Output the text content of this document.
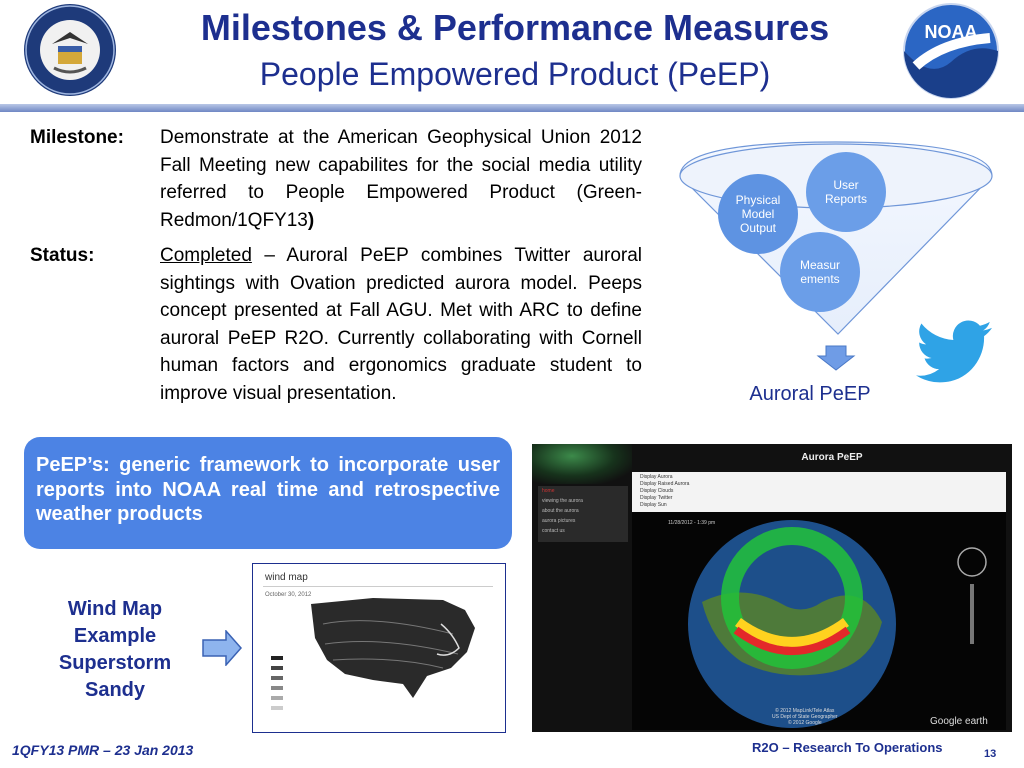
Milestones & Performance Measures
People Empowered Product (PeEP)
NOAA
Milestone: Demonstrate at the American Geophysical Union 2012 Fall Meeting new capabilites for the social media utility referred to People Empowered Product (Green-Redmon/1QFY13)
Status:	Completed – Auroral PeEP combines Twitter auroral sightings with Ovation predicted aurora model. Peeps concept presented at Fall AGU. Met with ARC to define auroral PeEP R2O. Currently collaborating with Cornell human factors and ergonomics graduate student to improve visual presentation.
User Reports
Physical Model Output
Measur ements
Auroral PeEP
PeEP’s: generic framework to incorporate user reports into NOAA real time and retrospective weather products
Wind Map Example Superstorm Sandy
wind map
October 30, 2012
Aurora PeEP
home
viewing the aurora
about the aurora
aurora pictures
contact us
Display Aurora
Display Raised Aurora
Display Clouds
Display Twitter
Display Sun
11/28/2012 - 1:39 pm
© 2012 MapLink/Tele Atlas
US Dept of State Geographer
© 2012 Google	Google earth
1QFY13 PMR – 23 Jan 2013	R2O – Research To Operations	13
